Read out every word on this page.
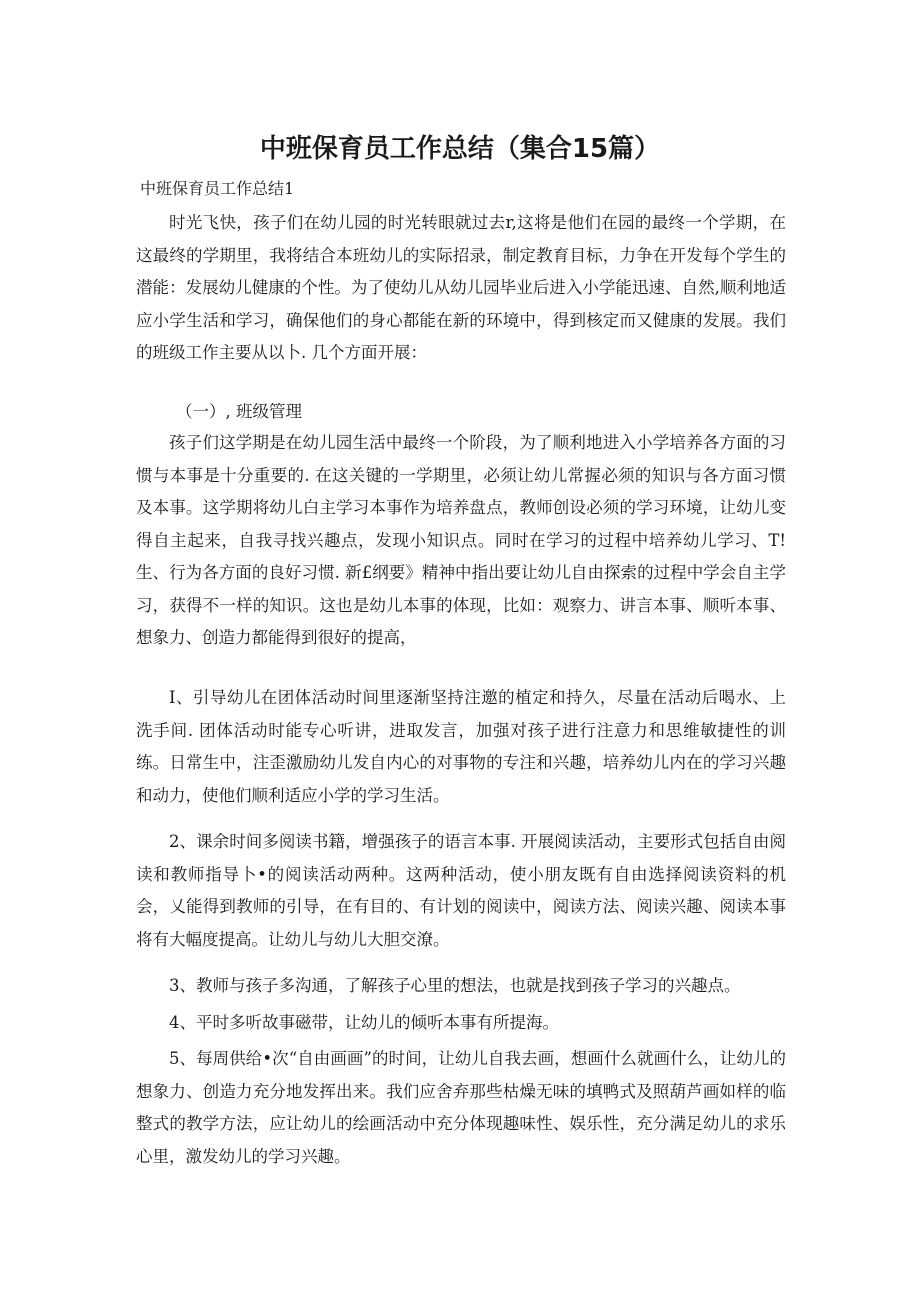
中班保育员工作总结（集合15篇）
中班保育员工作总结1

时光飞快，孩子们在幼儿园的时光转眼就过去r,这将是他们在园的最终一个学期，在这最终的学期里，我将结合本班幼儿的实际招录，制定教育目标，力争在开发每个学生的潜能：发展幼儿健康的个性。为了使幼儿从幼儿园毕业后进入小学能迅速、自然,顺利地适应小学生活和学习，确保他们的身心都能在新的环境中，得到核定而又健康的发展。我们的班级工作主要从以卜. 几个方面开展：

（一）, 班级管理

孩子们这学期是在幼儿园生活中最终一个阶段，为了顺利地进入小学培养各方面的习惯与本事是十分重要的. 在这关键的一学期里，必须让幼儿常握必须的知识与各方面习惯及本事。这学期将幼儿白主学习本事作为培养盘点，教师创设必须的学习环境，让幼儿变得自主起来，自我寻找兴趣点，发现小知识点。同时在学习的过程中培养幼儿学习、T!生、行为各方面的良好习惯. 新£纲要》精神中指出要让幼儿自由探索的过程中学会自主学习，获得不一样的知识。这也是幼儿本事的体现，比如：观察力、讲言本事、顺听本事、想象力、创造力都能得到很好的提高，

I、引导幼儿在团体活动时间里逐渐坚持注邀的植定和持久，尽量在活动后喝水、上洗手间. 团体活动时能专心听讲，进取发言，加强对孩子进行注意力和思维敏捷性的训练。日常生中，注歪激励幼儿发自内心的对事物的专注和兴趣，培养幼儿内在的学习兴趣和动力，使他们顺利适应小学的学习生活。

2、课余时间多阅读书籍，增强孩子的语言本事. 开展阅读活动，主要形式包括自由阅读和教师指导卜•的阅读活动两种。这两种活动，使小朋友既有自由选择阅读资料的机会，乂能得到教师的引导，在有目的、有计划的阅读中，阅读方法、阅读兴趣、阅读本事将有大幅度提高。让幼儿与幼儿大胆交潦。

3、教师与孩子多沟通，了解孩子心里的想法，也就是找到孩子学习的兴趣点。

4、平时多听故事磁带，让幼儿的倾听本事有所提海。

5、每周供给•次“自由画画”的时间，让幼儿自我去画，想画什么就画什么，让幼儿的想象力、创造力充分地发挥出来。我们应舍弃那些枯燥无味的填鸭式及照葫芦画如样的临整式的教学方法，应让幼儿的绘画活动中充分体现趣味性、娱乐性，充分满足幼儿的求乐心里，激发幼儿的学习兴趣。
